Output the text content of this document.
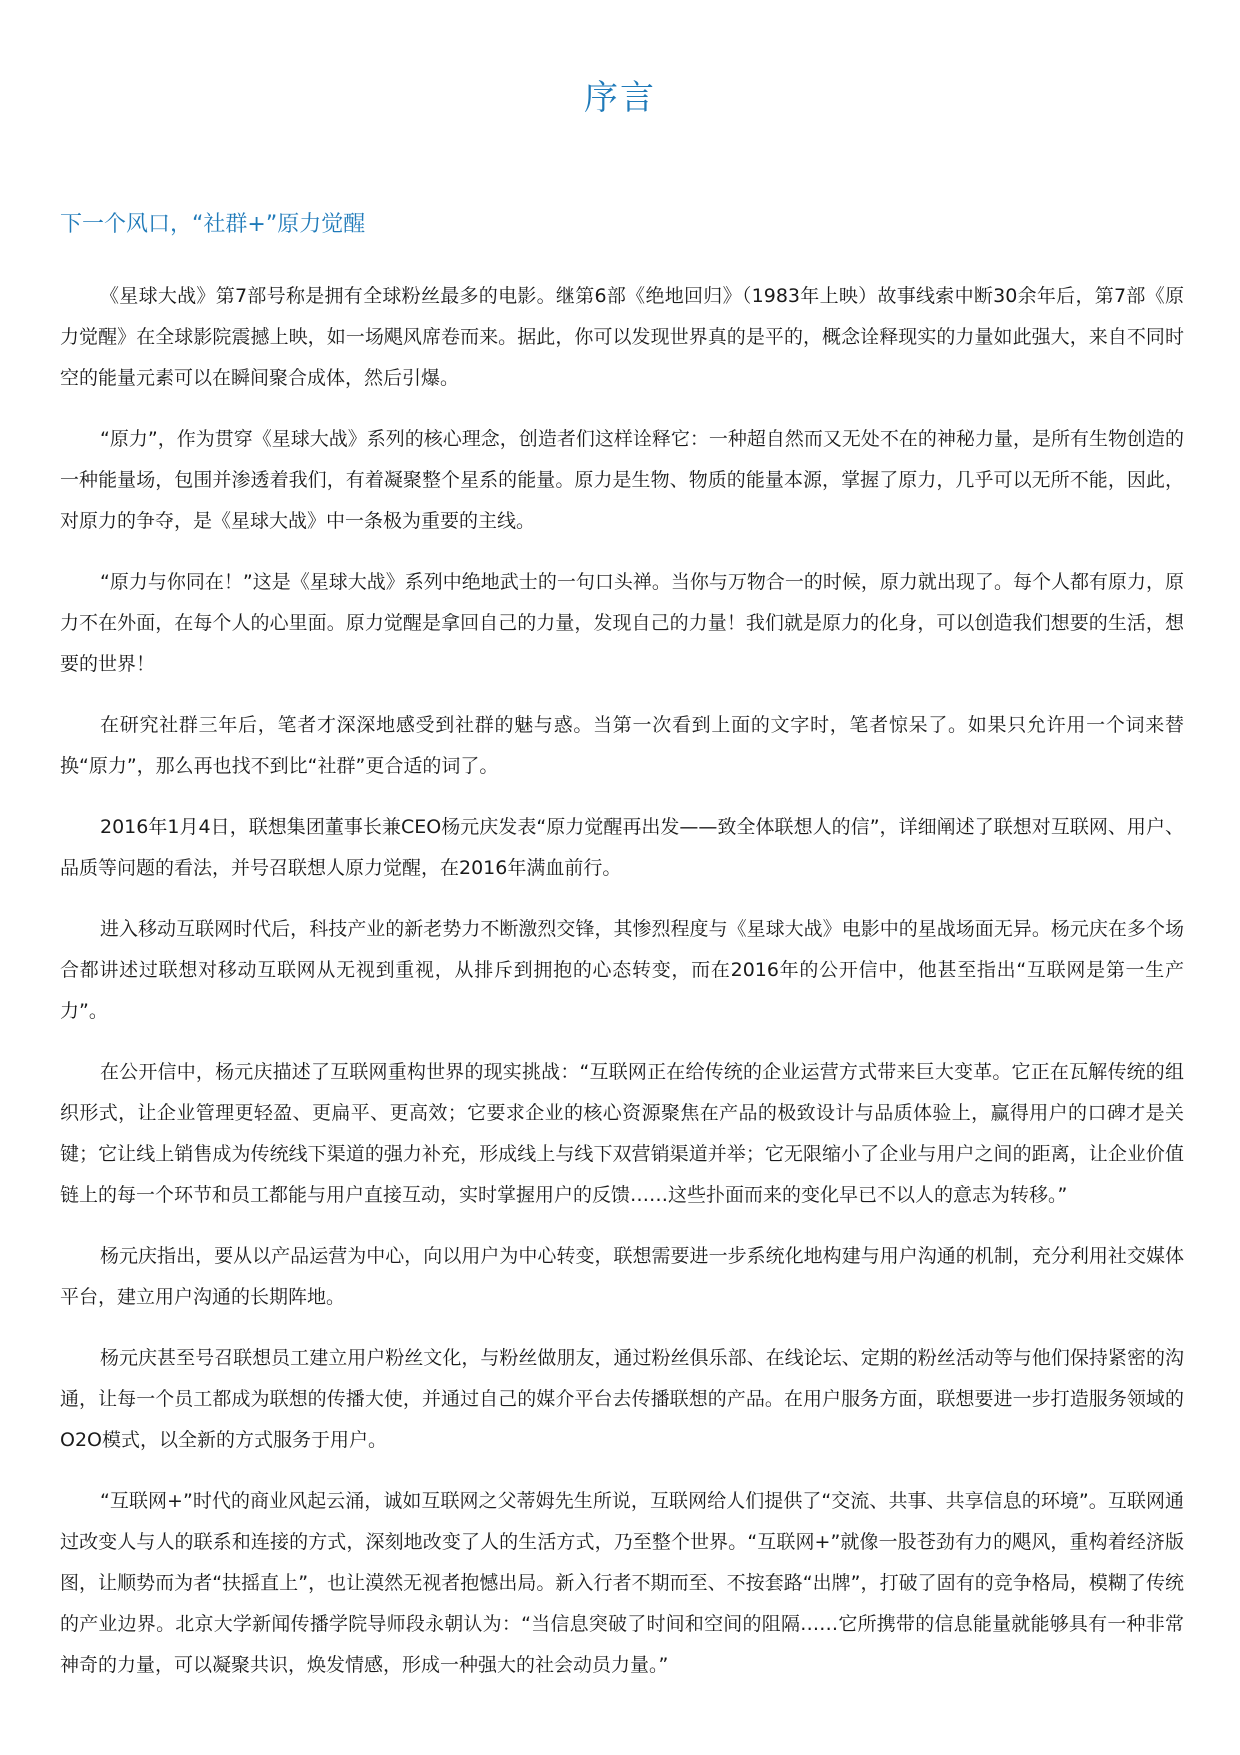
序言
下一个风口，“社群+”原力觉醒

《星球大战》第7部号称是拥有全球粉丝最多的电影。继第6部《绝地回归》（1983年上映）故事线索中断30余年后，第7部《原力觉醒》在全球影院震撼上映，如一场飓风席卷而来。据此，你可以发现世界真的是平的，概念诠释现实的力量如此强大，来自不同时空的能量元素可以在瞬间聚合成体，然后引爆。

“原力”，作为贯穿《星球大战》系列的核心理念，创造者们这样诠释它：一种超自然而又无处不在的神秘力量，是所有生物创造的一种能量场，包围并渗透着我们，有着凝聚整个星系的能量。原力是生物、物质的能量本源，掌握了原力，几乎可以无所不能，因此，对原力的争夺，是《星球大战》中一条极为重要的主线。

“原力与你同在！”这是《星球大战》系列中绝地武士的一句口头禅。当你与万物合一的时候，原力就出现了。每个人都有原力，原力不在外面，在每个人的心里面。原力觉醒是拿回自己的力量，发现自己的力量！我们就是原力的化身，可以创造我们想要的生活，想要的世界！

在研究社群三年后，笔者才深深地感受到社群的魅与惑。当第一次看到上面的文字时，笔者惊呆了。如果只允许用一个词来替换“原力”，那么再也找不到比“社群”更合适的词了。

2016年1月4日，联想集团董事长兼CEO杨元庆发表“原力觉醒再出发——致全体联想人的信”，详细阐述了联想对互联网、用户、品质等问题的看法，并号召联想人原力觉醒，在2016年满血前行。

进入移动互联网时代后，科技产业的新老势力不断激烈交锋，其惨烈程度与《星球大战》电影中的星战场面无异。杨元庆在多个场合都讲述过联想对移动互联网从无视到重视，从排斥到拥抱的心态转变，而在2016年的公开信中，他甚至指出“互联网是第一生产力”。

在公开信中，杨元庆描述了互联网重构世界的现实挑战：“互联网正在给传统的企业运营方式带来巨大变革。它正在瓦解传统的组织形式，让企业管理更轻盈、更扁平、更高效；它要求企业的核心资源聚焦在产品的极致设计与品质体验上，赢得用户的口碑才是关键；它让线上销售成为传统线下渠道的强力补充，形成线上与线下双营销渠道并举；它无限缩小了企业与用户之间的距离，让企业价值链上的每一个环节和员工都能与用户直接互动，实时掌握用户的反馈……这些扑面而来的变化早已不以人的意志为转移。”

杨元庆指出，要从以产品运营为中心，向以用户为中心转变，联想需要进一步系统化地构建与用户沟通的机制，充分利用社交媒体平台，建立用户沟通的长期阵地。

杨元庆甚至号召联想员工建立用户粉丝文化，与粉丝做朋友，通过粉丝俱乐部、在线论坛、定期的粉丝活动等与他们保持紧密的沟通，让每一个员工都成为联想的传播大使，并通过自己的媒介平台去传播联想的产品。在用户服务方面，联想要进一步打造服务领域的O2O模式，以全新的方式服务于用户。

“互联网+”时代的商业风起云涌，诚如互联网之父蒂姆先生所说，互联网给人们提供了“交流、共事、共享信息的环境”。互联网通过改变人与人的联系和连接的方式，深刻地改变了人的生活方式，乃至整个世界。“互联网+”就像一股苍劲有力的飓风，重构着经济版图，让顺势而为者“扶摇直上”，也让漠然无视者抱憾出局。新入行者不期而至、不按套路“出牌”，打破了固有的竞争格局，模糊了传统的产业边界。北京大学新闻传播学院导师段永朝认为：“当信息突破了时间和空间的阻隔……它所携带的信息能量就能够具有一种非常神奇的力量，可以凝聚共识，焕发情感，形成一种强大的社会动员力量。”
